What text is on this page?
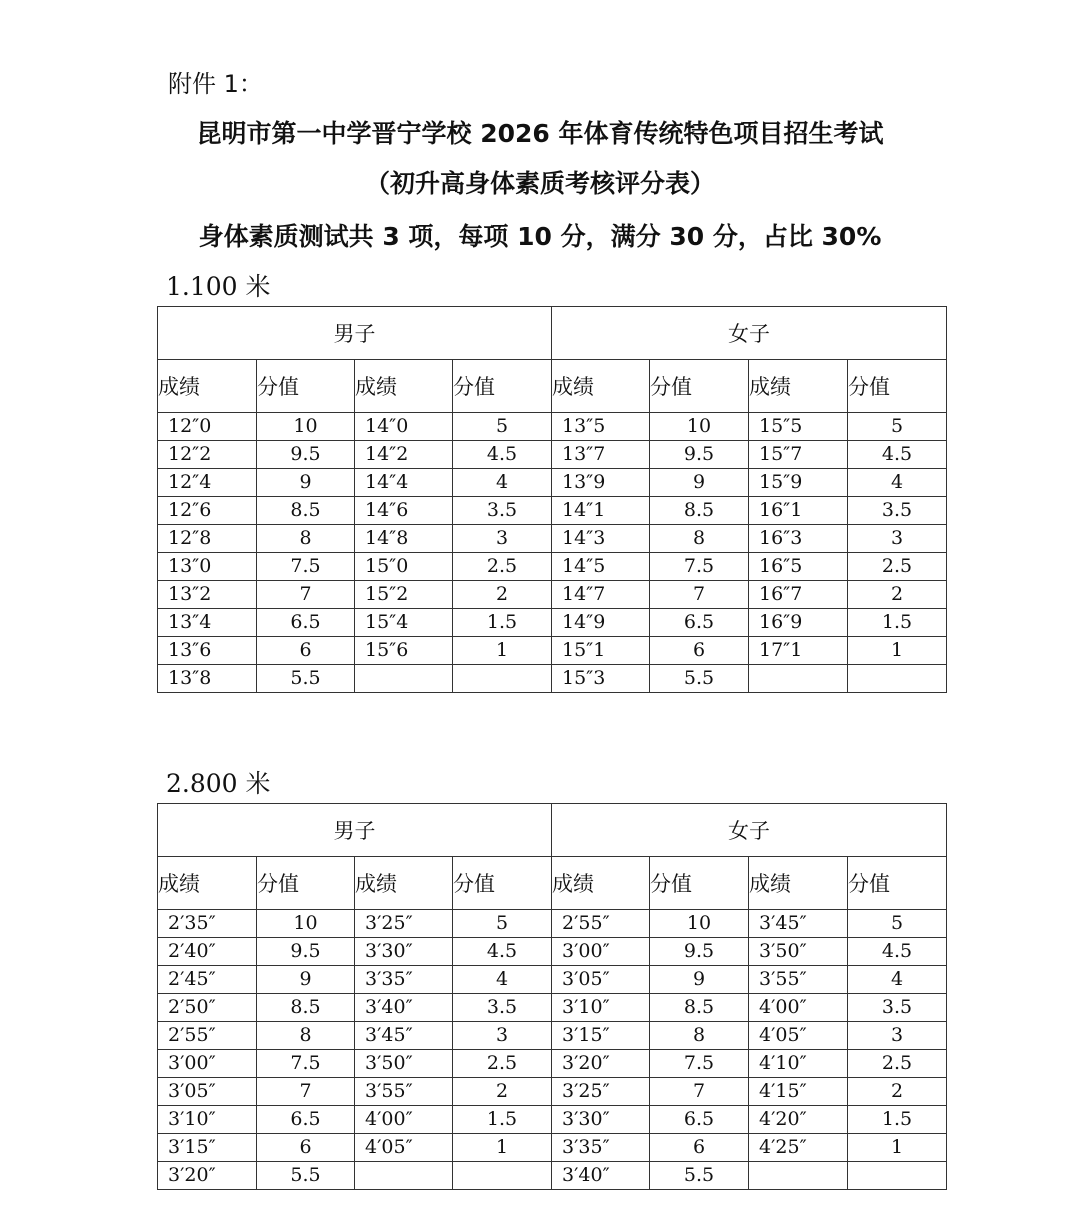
附件 1：
昆明市第一中学晋宁学校 2026 年体育传统特色项目招生考试
（初升高身体素质考核评分表）
身体素质测试共 3 项，每项 10 分，满分 30 分，占比 30%
1.100 米
男子				女子			
成绩	分值	成绩	分值	成绩	分值	成绩	分值
12″0	10	14″0	5	13″5	10	15″5	5
12″2	9.5	14″2	4.5	13″7	9.5	15″7	4.5
12″4	9	14″4	4	13″9	9	15″9	4
12″6	8.5	14″6	3.5	14″1	8.5	16″1	3.5
12″8	8	14″8	3	14″3	8	16″3	3
13″0	7.5	15″0	2.5	14″5	7.5	16″5	2.5
13″2	7	15″2	2	14″7	7	16″7	2
13″4	6.5	15″4	1.5	14″9	6.5	16″9	1.5
13″6	6	15″6	1	15″1	6	17″1	1
13″8	5.5			15″3	5.5		
2.800 米
男子				女子			
成绩	分值	成绩	分值	成绩	分值	成绩	分值
2′35″	10	3′25″	5	2′55″	10	3′45″	5
2′40″	9.5	3′30″	4.5	3′00″	9.5	3′50″	4.5
2′45″	9	3′35″	4	3′05″	9	3′55″	4
2′50″	8.5	3′40″	3.5	3′10″	8.5	4′00″	3.5
2′55″	8	3′45″	3	3′15″	8	4′05″	3
3′00″	7.5	3′50″	2.5	3′20″	7.5	4′10″	2.5
3′05″	7	3′55″	2	3′25″	7	4′15″	2
3′10″	6.5	4′00″	1.5	3′30″	6.5	4′20″	1.5
3′15″	6	4′05″	1	3′35″	6	4′25″	1
3′20″	5.5			3′40″	5.5		
